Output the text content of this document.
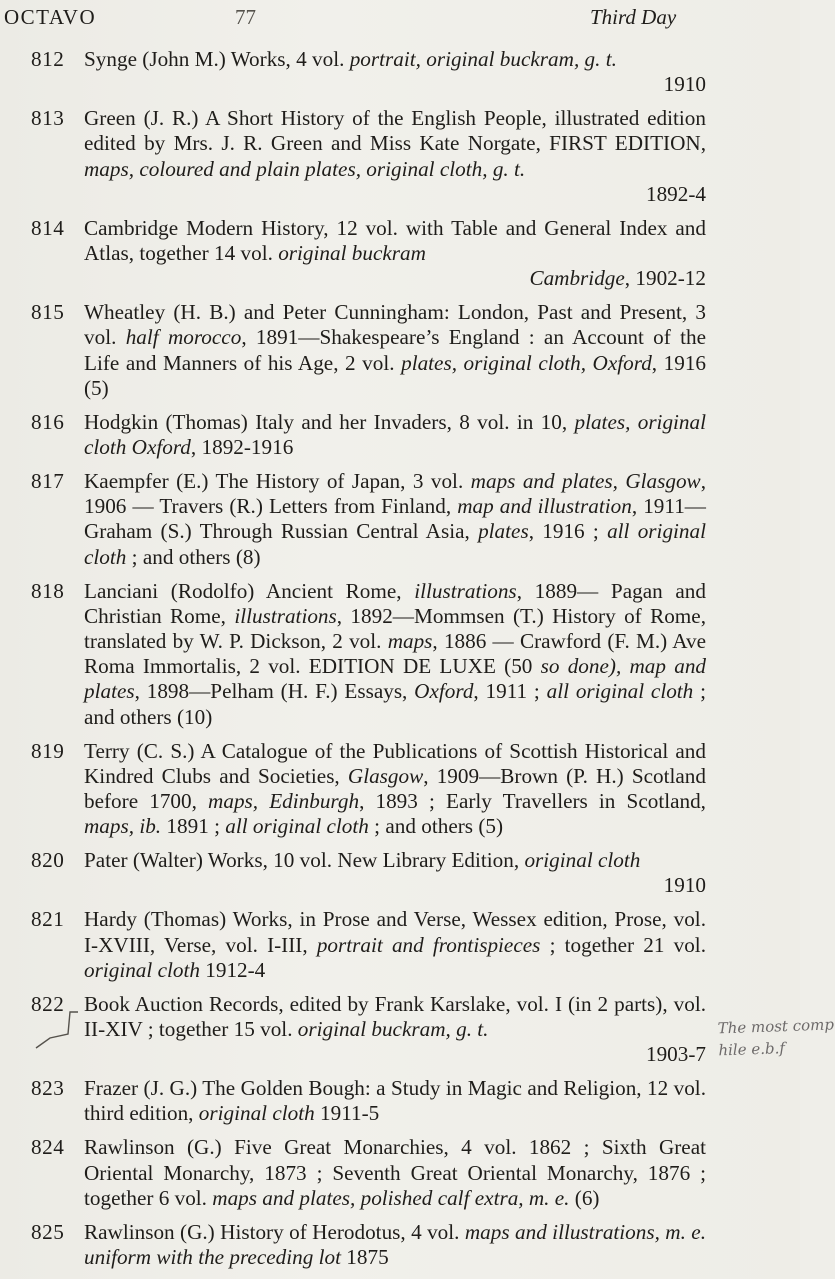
OCTAVO	77	Third Day
812 Synge (John M.) Works, 4 vol. portrait, original buckram, g. t.
1910
813 Green (J. R.) A Short History of the English People, illustrated edition edited by Mrs. J. R. Green and Miss Kate Norgate, FIRST EDITION, maps, coloured and plain plates, original cloth, g. t.
1892-4
814 Cambridge Modern History, 12 vol. with Table and General Index and Atlas, together 14 vol. original buckram
Cambridge, 1902-12
815 Wheatley (H. B.) and Peter Cunningham: London, Past and Present, 3 vol. half morocco, 1891—Shakespeare’s England : an Account of the Life and Manners of his Age, 2 vol. plates, original cloth, Oxford, 1916 (5)
816 Hodgkin (Thomas) Italy and her Invaders, 8 vol. in 10, plates, original cloth Oxford, 1892-1916
817 Kaempfer (E.) The History of Japan, 3 vol. maps and plates, Glasgow, 1906 — Travers (R.) Letters from Finland, map and illustration, 1911—Graham (S.) Through Russian Central Asia, plates, 1916 ; all original cloth ; and others (8)
818 Lanciani (Rodolfo) Ancient Rome, illustrations, 1889— Pagan and Christian Rome, illustrations, 1892—Mommsen (T.) History of Rome, translated by W. P. Dickson, 2 vol. maps, 1886 — Crawford (F. M.) Ave Roma Immortalis, 2 vol. EDITION DE LUXE (50 so done), map and plates, 1898—Pelham (H. F.) Essays, Oxford, 1911 ; all original cloth ; and others (10)
819 Terry (C. S.) A Catalogue of the Publications of Scottish Historical and Kindred Clubs and Societies, Glasgow, 1909—Brown (P. H.) Scotland before 1700, maps, Edinburgh, 1893 ; Early Travellers in Scotland, maps, ib. 1891 ; all original cloth ; and others (5)
820 Pater (Walter) Works, 10 vol. New Library Edition, original cloth
1910
821 Hardy (Thomas) Works, in Prose and Verse, Wessex edition, Prose, vol. I-XVIII, Verse, vol. I-III, portrait and frontispieces ; together 21 vol. original cloth 1912-4
822 Book Auction Records, edited by Frank Karslake, vol. I (in 2 parts), vol. II-XIV ; together 15 vol. original buckram, g. t.
1903-7
823 Frazer (J. G.) The Golden Bough: a Study in Magic and Religion, 12 vol. third edition, original cloth 1911-5
824 Rawlinson (G.) Five Great Monarchies, 4 vol. 1862 ; Sixth Great Oriental Monarchy, 1873 ; Seventh Great Oriental Monarchy, 1876 ; together 6 vol. maps and plates, polished calf extra, m. e. (6)
825 Rawlinson (G.) History of Herodotus, 4 vol. maps and illustrations, m. e. uniform with the preceding lot 1875
The most comp
hile e.b.f
